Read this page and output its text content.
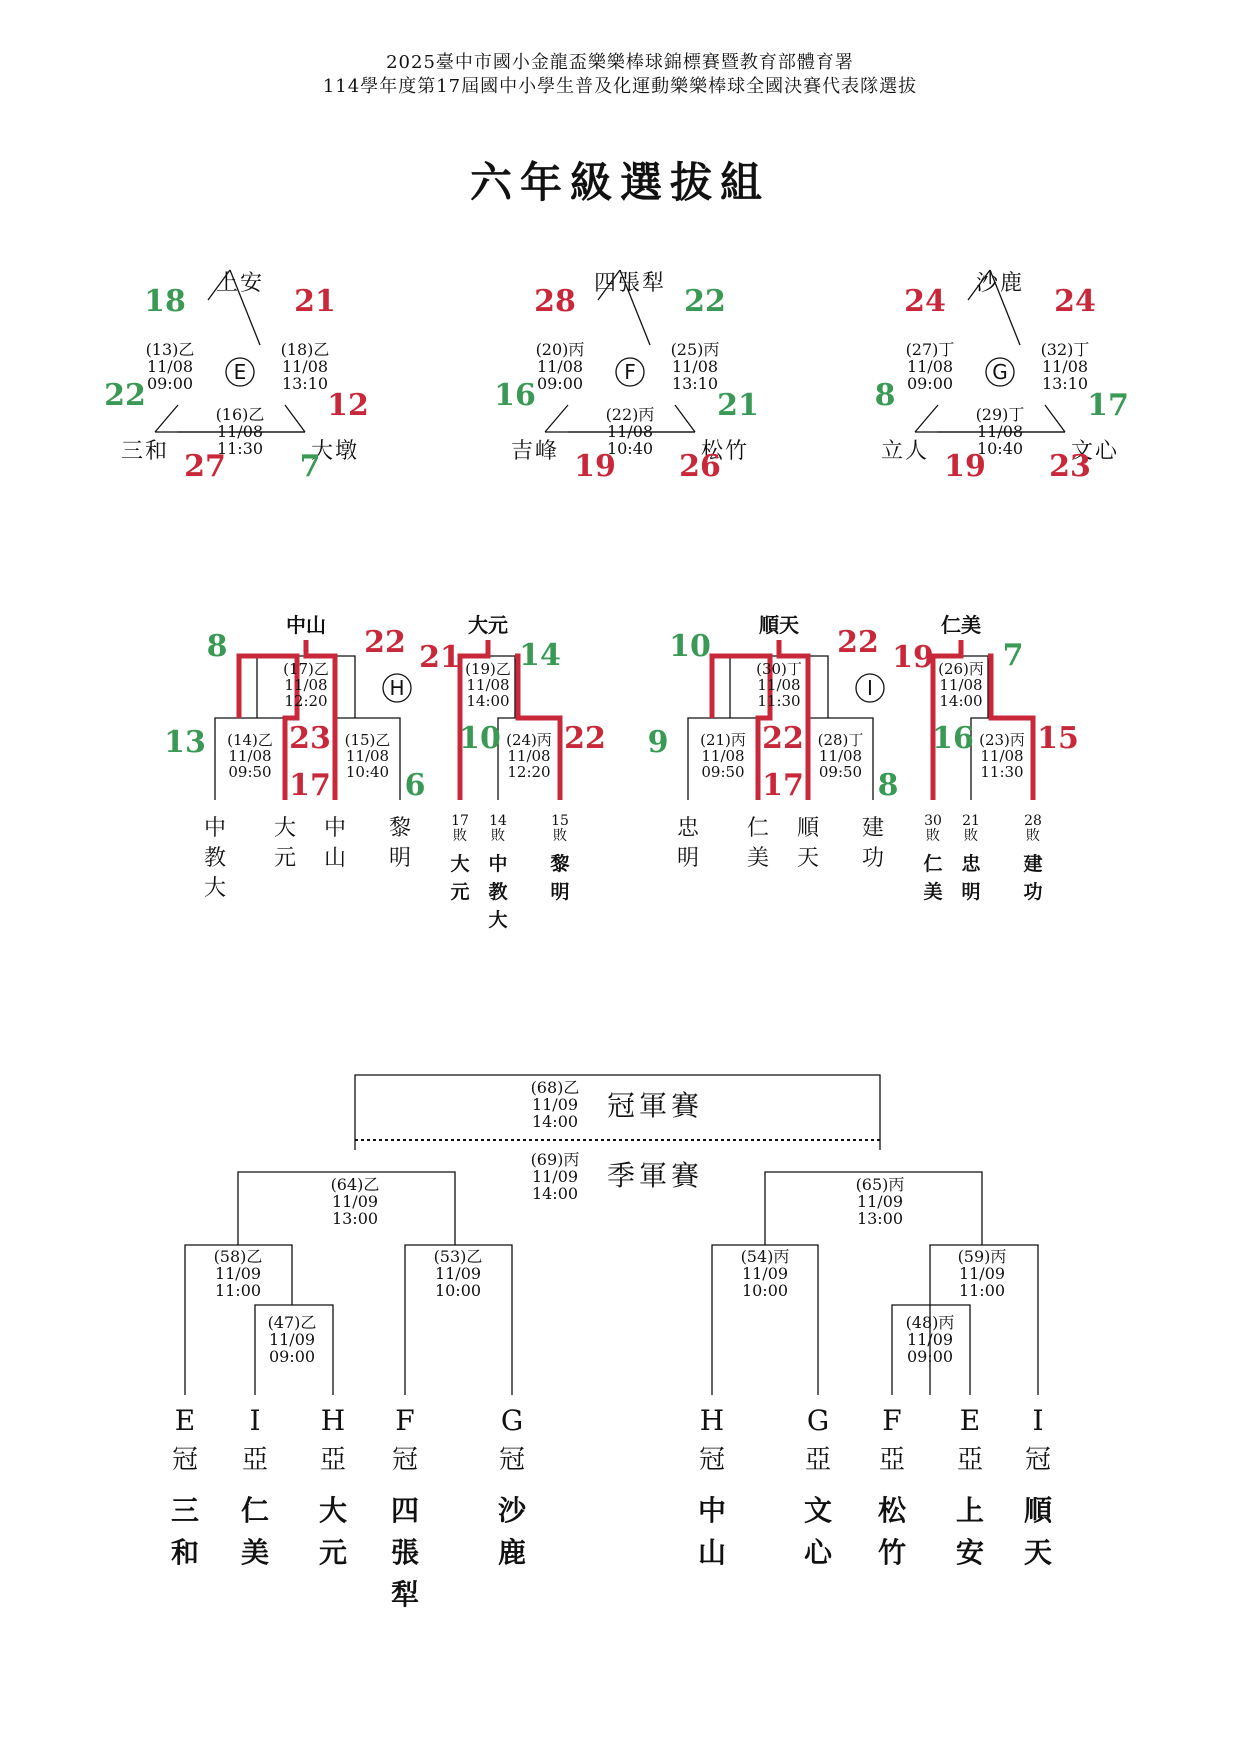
2025臺中市國小金龍盃樂樂棒球錦標賽暨教育部體育署
114學年度第17屆國中小學生普及化運動樂樂棒球全國決賽代表隊選拔
六年級選拔組
上安
三和	大墩
(13)乙
11/08
09:00
(18)乙
11/08
13:10
(16)乙
11/08
11:30
E
18	21
22	12
27 7
四張犁
吉峰	松竹
(20)丙
11/08
09:00
(25)丙
11/08
13:10
(22)丙
11/08
10:40
F
28	22
16	21
19 26
沙鹿
立人	文心
(27)丁
11/08
09:00
(32)丁
11/08
13:10
(29)丁
11/08
10:40
G
24	24
8	17
19 23
中山	大元
H
(17)乙
11/08
12:20
(14)乙
11/08
09:50
(15)乙
11/08
10:40
(19)乙
11/08
14:00
(24)丙
11/08
12:20
中
教
大
大
元
中
山
黎
明
17
敗
大
元
14
敗
中
教
大
15
敗
黎
明
8	22
13	23
17 6
21 14
10 22
順天	仁美
I
(30)丁
11/08
11:30
(21)丙
11/08
09:50
(28)丁
11/08
09:50
(26)丙
11/08
14:00
(23)丙
11/08
11:30
忠
明
仁
美
順
天
建
功
30
敗
仁
美
21
敗
忠
明
28
敗
建
功
10	22
9	22
17 8
19 7
16 15
(68)乙
11/09
14:00 冠軍賽
(69)丙
11/09
14:00
季軍賽
(64)乙
11/09
13:00
(65)丙
11/09
13:00
(58)乙
11/09
11:00
(47)乙
11/09
09:00
(53)乙
11/09
10:00
(54)丙
11/09
10:00
(59)丙
11/09
11:00
(48)丙
11/09
09:00
E
冠
三
和
I
亞
仁
美
H
亞
大
元
F
冠
四
張
犁
G
冠
沙
鹿
H
冠
中
山
G
亞
文
心
F
亞
松
竹
E
亞
上
安
I
冠
順
天
